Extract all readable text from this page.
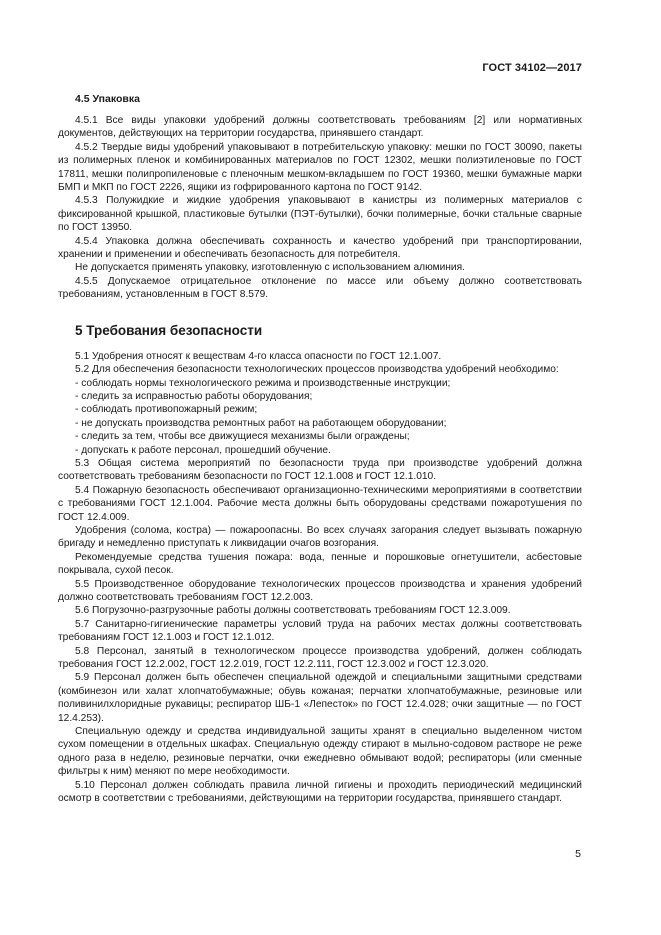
ГОСТ 34102—2017
4.5 Упаковка

4.5.1 Все виды упаковки удобрений должны соответствовать требованиям [2] или нормативных документов, действующих на территории государства, принявшего стандарт.

4.5.2 Твердые виды удобрений упаковывают в потребительскую упаковку: мешки по ГОСТ 30090, пакеты из полимерных пленок и комбинированных материалов по ГОСТ 12302, мешки полиэтиленовые по ГОСТ 17811, мешки полипропиленовые с пленочным мешком-вкладышем по ГОСТ 19360, мешки бумажные марки БМП и МКП по ГОСТ 2226, ящики из гофрированного картона по ГОСТ 9142.

4.5.3 Полужидкие и жидкие удобрения упаковывают в канистры из полимерных материалов с фиксированной крышкой, пластиковые бутылки (ПЭТ-бутылки), бочки полимерные, бочки стальные сварные по ГОСТ 13950.

4.5.4 Упаковка должна обеспечивать сохранность и качество удобрений при транспортировании, хранении и применении и обеспечивать безопасность для потребителя.

Не допускается применять упаковку, изготовленную с использованием алюминия.

4.5.5 Допускаемое отрицательное отклонение по массе или объему должно соответствовать требованиям, установленным в ГОСТ 8.579.

5 Требования безопасности

5.1 Удобрения относят к веществам 4-го класса опасности по ГОСТ 12.1.007.

5.2 Для обеспечения безопасности технологических процессов производства удобрений необходимо:

- соблюдать нормы технологического режима и производственные инструкции;

- следить за исправностью работы оборудования;

- соблюдать противопожарный режим;

- не допускать производства ремонтных работ на работающем оборудовании;

- следить за тем, чтобы все движущиеся механизмы были ограждены;

- допускать к работе персонал, прошедший обучение.

5.3 Общая система мероприятий по безопасности труда при производстве удобрений должна соответствовать требованиям безопасности по ГОСТ 12.1.008 и ГОСТ 12.1.010.

5.4 Пожарную безопасность обеспечивают организационно-техническими мероприятиями в соответствии с требованиями ГОСТ 12.1.004. Рабочие места должны быть оборудованы средствами пожаротушения по ГОСТ 12.4.009.

Удобрения (солома, костра) — пожароопасны. Во всех случаях загорания следует вызывать пожарную бригаду и немедленно приступать к ликвидации очагов возгорания.

Рекомендуемые средства тушения пожара: вода, пенные и порошковые огнетушители, асбестовые покрывала, сухой песок.

5.5 Производственное оборудование технологических процессов производства и хранения удобрений должно соответствовать требованиям ГОСТ 12.2.003.

5.6 Погрузочно-разгрузочные работы должны соответствовать требованиям ГОСТ 12.3.009.

5.7 Санитарно-гигиенические параметры условий труда на рабочих местах должны соответствовать требованиям ГОСТ 12.1.003 и ГОСТ 12.1.012.

5.8 Персонал, занятый в технологическом процессе производства удобрений, должен соблюдать требования ГОСТ 12.2.002, ГОСТ 12.2.019, ГОСТ 12.2.111, ГОСТ 12.3.002 и ГОСТ 12.3.020.

5.9 Персонал должен быть обеспечен специальной одеждой и специальными защитными средствами (комбинезон или халат хлопчатобумажные; обувь кожаная; перчатки хлопчатобумажные, резиновые или поливинилхлоридные рукавицы; респиратор ШБ-1 «Лепесток» по ГОСТ 12.4.028; очки защитные — по ГОСТ 12.4.253).

Специальную одежду и средства индивидуальной защиты хранят в специально выделенном чистом сухом помещении в отдельных шкафах. Специальную одежду стирают в мыльно-содовом растворе не реже одного раза в неделю, резиновые перчатки, очки ежедневно обмывают водой; респираторы (или сменные фильтры к ним) меняют по мере необходимости.

5.10 Персонал должен соблюдать правила личной гигиены и проходить периодический медицинский осмотр в соответствии с требованиями, действующими на территории государства, принявшего стандарт.

5
